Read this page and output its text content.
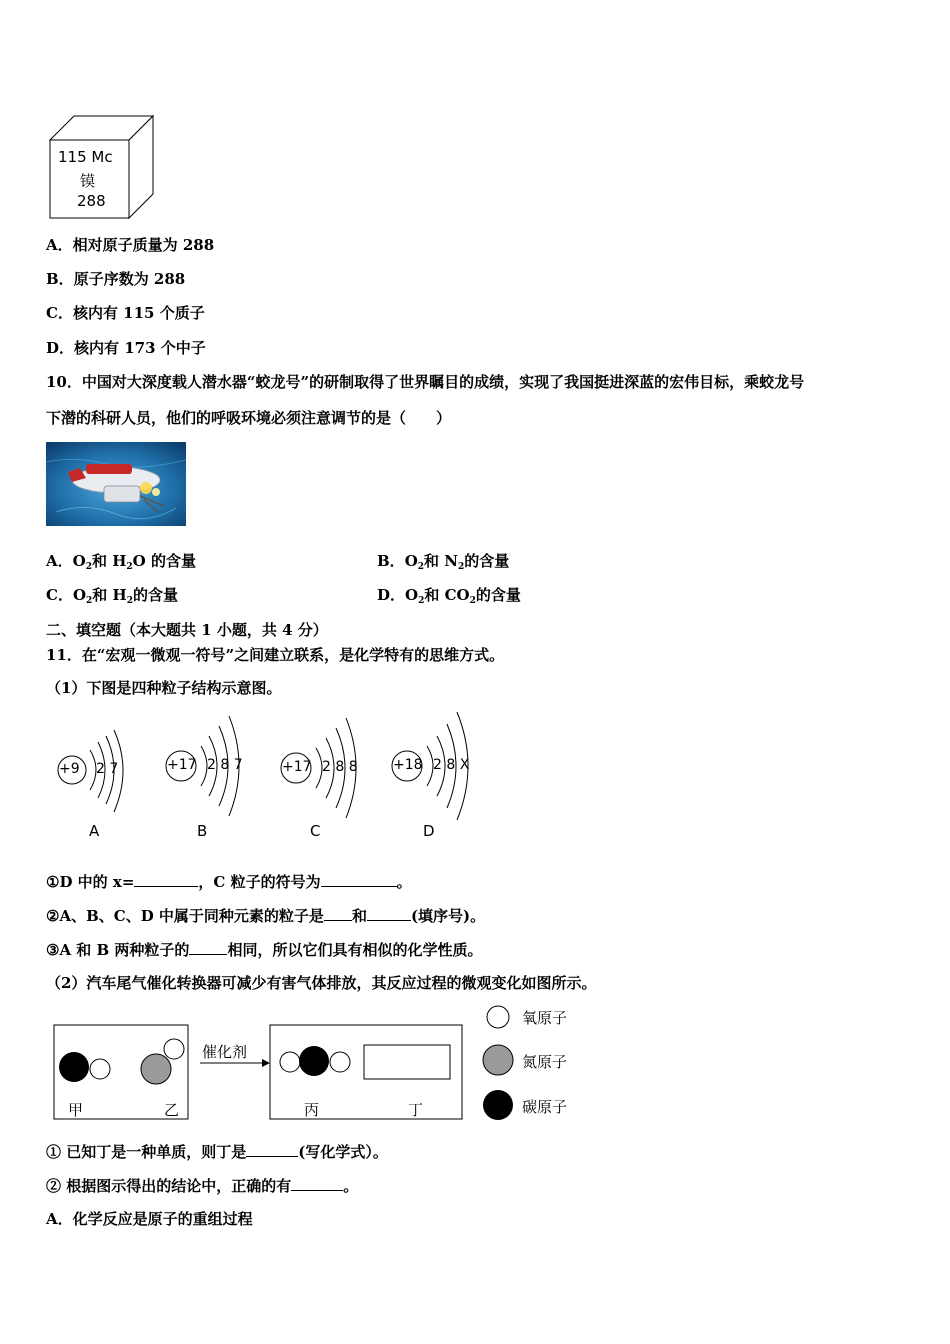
115 Mc
镆
288
A．相对原子质量为 288
B．原子序数为 288
C．核内有 115 个质子
D．核内有 173 个中子
10．中国对大深度载人潜水器“蛟龙号”的研制取得了世界瞩目的成绩，实现了我国挺进深蓝的宏伟目标，乘蛟龙号
下潜的科研人员，他们的呼吸环境必须注意调节的是（　　）
A．$O_2$和 $H_2O$ 的含量	B．$O_2$和 $N_2$的含量
C．$O_2$和 $H_2$的含量	D．$O_2$和 $CO_2$的含量
二、填空题（本大题共 1 小题，共 4 分）
11．在“宏观一微观一符号”之间建立联系，是化学特有的思维方式。
（1）下图是四种粒子结构示意图。
+9 2 7
A
+17 2 8 7
B
+17 2 8 8
C
+18 2 8 X
D
①D 中的 x=	，C 粒子的符号为	。
②A、B、C、D 中属于同种元素的粒子是 和	(填序号)。
③A 和 B 两种粒子的	相同，所以它们具有相似的化学性质。
（2）汽车尾气催化转换器可减少有害气体排放，其反应过程的微观变化如图所示。
甲	乙
催化剂
丙	丁
氧原子
氮原子
碳原子
① 已知丁是一种单质，则丁是	(写化学式）。
② 根据图示得出的结论中，正确的有	。
A．化学反应是原子的重组过程
